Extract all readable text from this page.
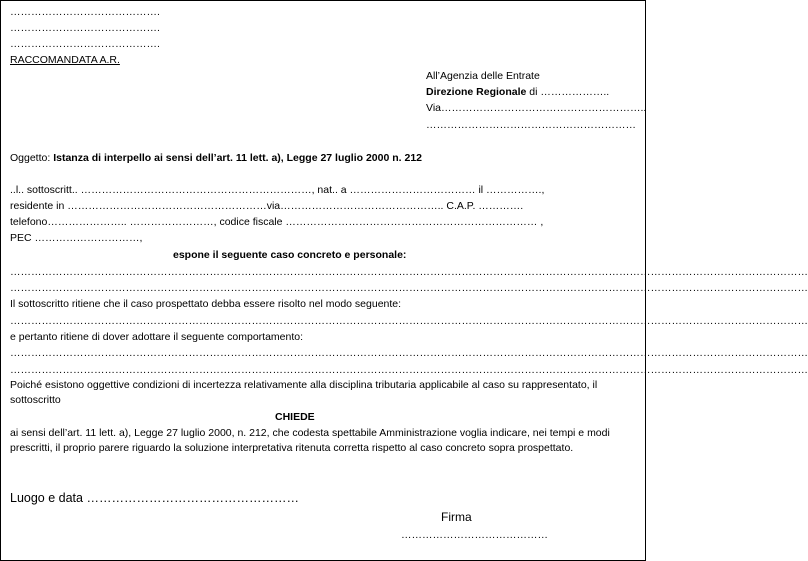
…………………………………….
…………………………………….
…………………………………….
RACCOMANDATA A.R.
All’Agenzia delle Entrate
Direzione Regionale di ………………..
Via…………………………………………………..
……………………………………………………
Oggetto: Istanza di interpello ai sensi dell’art. 11 lett. a), Legge 27 luglio 2000 n. 212
..l.. sottoscritt.. …………………………………………………………, nat.. a ……………………………… il …………….,
residente in …………………………………………………via……………………………………….. C.A.P. ………….
telefono………………….. ……………………, codice fiscale ……………………………………………………………… ,
PEC …………………………,
espone il seguente caso concreto e personale:
…………………………………………………………………………………………………………………………………………………………………………………………………………
…………………………………………………………………………………………………………………………………………………………………………………………………………
Il sottoscritto ritiene che il caso prospettato debba essere risolto nel modo seguente:
…………………………………………………………………………………………………………………………………………………………………………………………………………
e pertanto ritiene di dover adottare il seguente comportamento:
…………………………………………………………………………………………………………………………………………………………………………………………………………
…………………………………………………………………………………………………………………………………………………………………………………………………………
Poiché esistono oggettive condizioni di incertezza relativamente alla disciplina tributaria applicabile al caso su rappresentato, il sottoscritto
CHIEDE
ai sensi dell’art. 11 lett. a), Legge 27 luglio 2000, n. 212, che codesta spettabile Amministrazione voglia indicare, nei tempi e modi prescritti, il proprio parere riguardo la soluzione interpretativa ritenuta corretta rispetto al caso concreto sopra prospettato.
Luogo e data ……………………………………………
Firma
……………………………………
